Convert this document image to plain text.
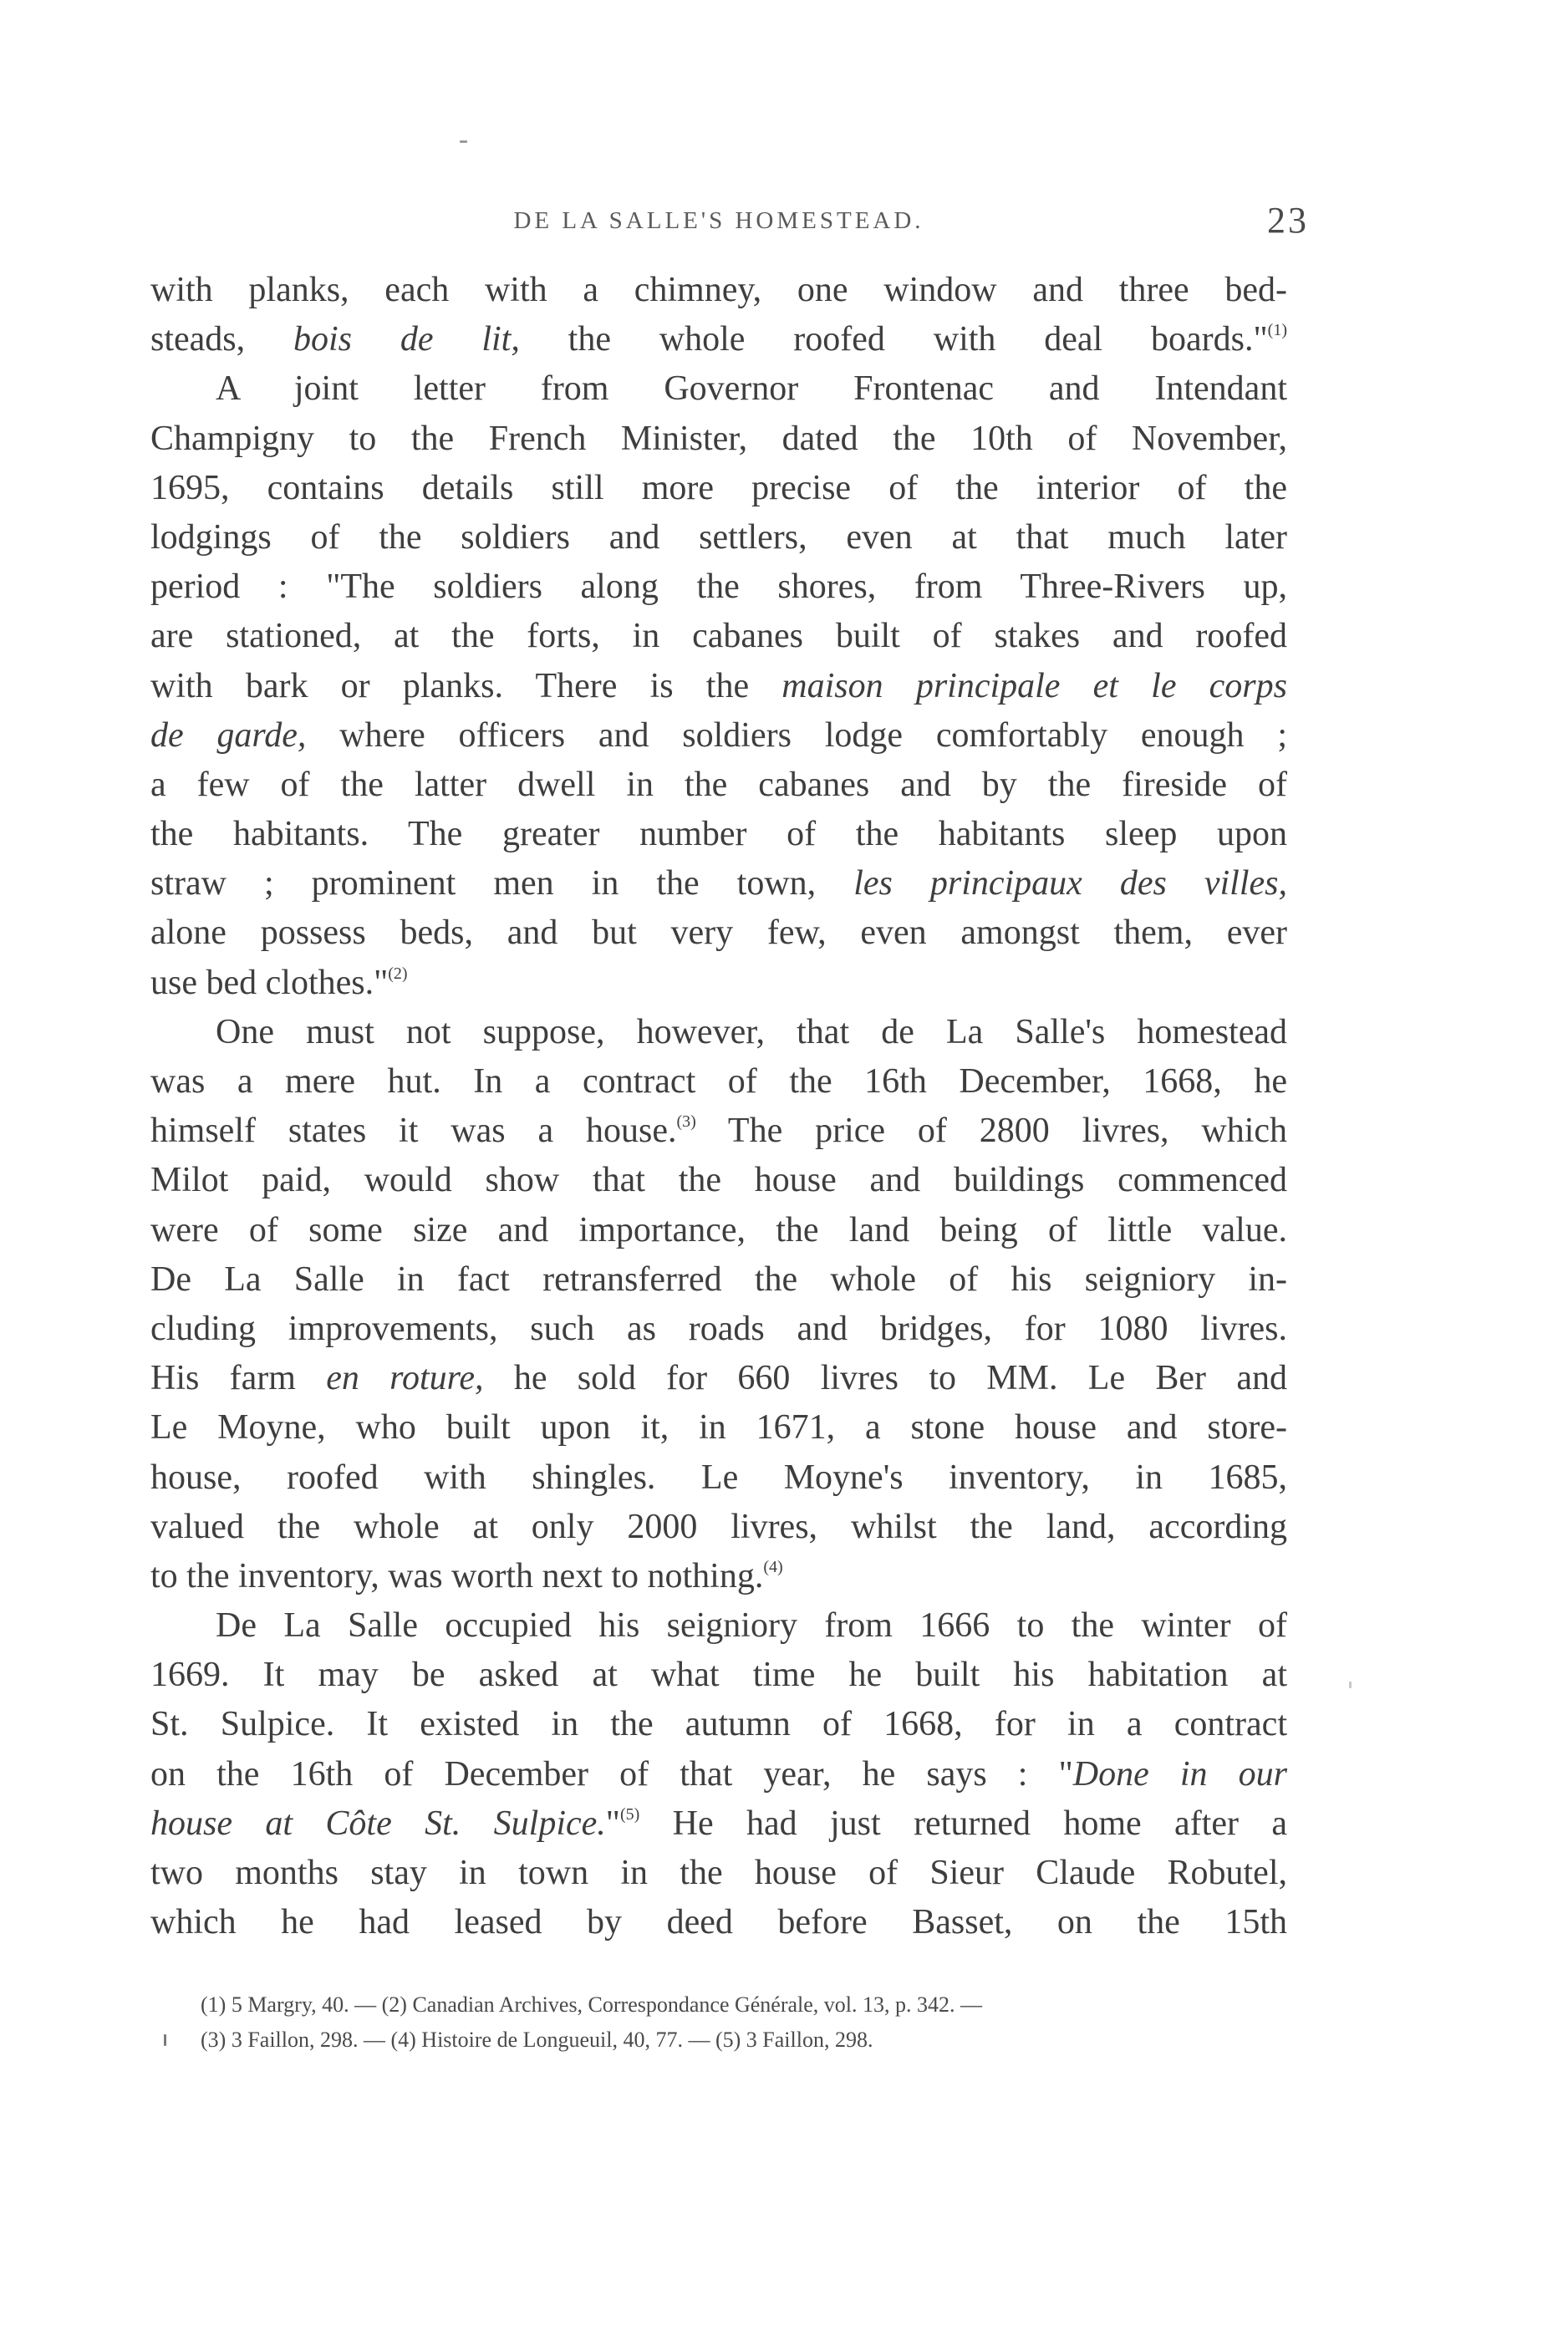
DE LA SALLE'S HOMESTEAD.	23
with planks, each with a chimney, one window and three bed-
steads, bois de lit, the whole roofed with deal boards."$^{(1)}$
A joint letter from Governor Frontenac and Intendant
Champigny to the French Minister, dated the 10th of November,
1695, contains details still more precise of the interior of the
lodgings of the soldiers and settlers, even at that much later
period : "The soldiers along the shores, from Three-Rivers up,
are stationed, at the forts, in cabanes built of stakes and roofed
with bark or planks. There is the maison principale et le corps
de garde, where officers and soldiers lodge comfortably enough ;
a few of the latter dwell in the cabanes and by the fireside of
the habitants. The greater number of the habitants sleep upon
straw ; prominent men in the town, les principaux des villes,
alone possess beds, and but very few, even amongst them, ever
use bed clothes."$^{(2)}$
One must not suppose, however, that de La Salle's homestead
was a mere hut. In a contract of the 16th December, 1668, he
himself states it was a house.$^{(3)}$ The price of 2800 livres, which
Milot paid, would show that the house and buildings commenced
were of some size and importance, the land being of little value.
De La Salle in fact retransferred the whole of his seigniory in-
cluding improvements, such as roads and bridges, for 1080 livres.
His farm en roture, he sold for 660 livres to MM. Le Ber and
Le Moyne, who built upon it, in 1671, a stone house and store-
house, roofed with shingles. Le Moyne's inventory, in 1685,
valued the whole at only 2000 livres, whilst the land, according
to the inventory, was worth next to nothing.$^{(4)}$
De La Salle occupied his seigniory from 1666 to the winter of
1669. It may be asked at what time he built his habitation at
St. Sulpice. It existed in the autumn of 1668, for in a contract
on the 16th of December of that year, he says : "Done in our
house at Côte St. Sulpice."$^{(5)}$ He had just returned home after a
two months stay in town in the house of Sieur Claude Robutel,
which he had leased by deed before Basset, on the 15th
(1) 5 Margry, 40. — (2) Canadian Archives, Correspondance Générale, vol. 13, p. 342. —
(3) 3 Faillon, 298. — (4) Histoire de Longueuil, 40, 77. — (5) 3 Faillon, 298.
